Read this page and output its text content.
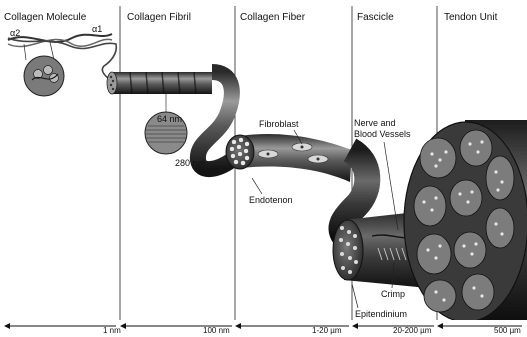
Collagen Molecule	Collagen Fibril	Collagen Fiber	Fascicle	Tendon Unit
α2	α1
64 nm
280 nm
Fibroblast
Endotenon
Nerve and
Blood Vessels
Crimp
Epitendinium
1 nm	100 nm	1-20 µm	20-200 µm	500 µm
